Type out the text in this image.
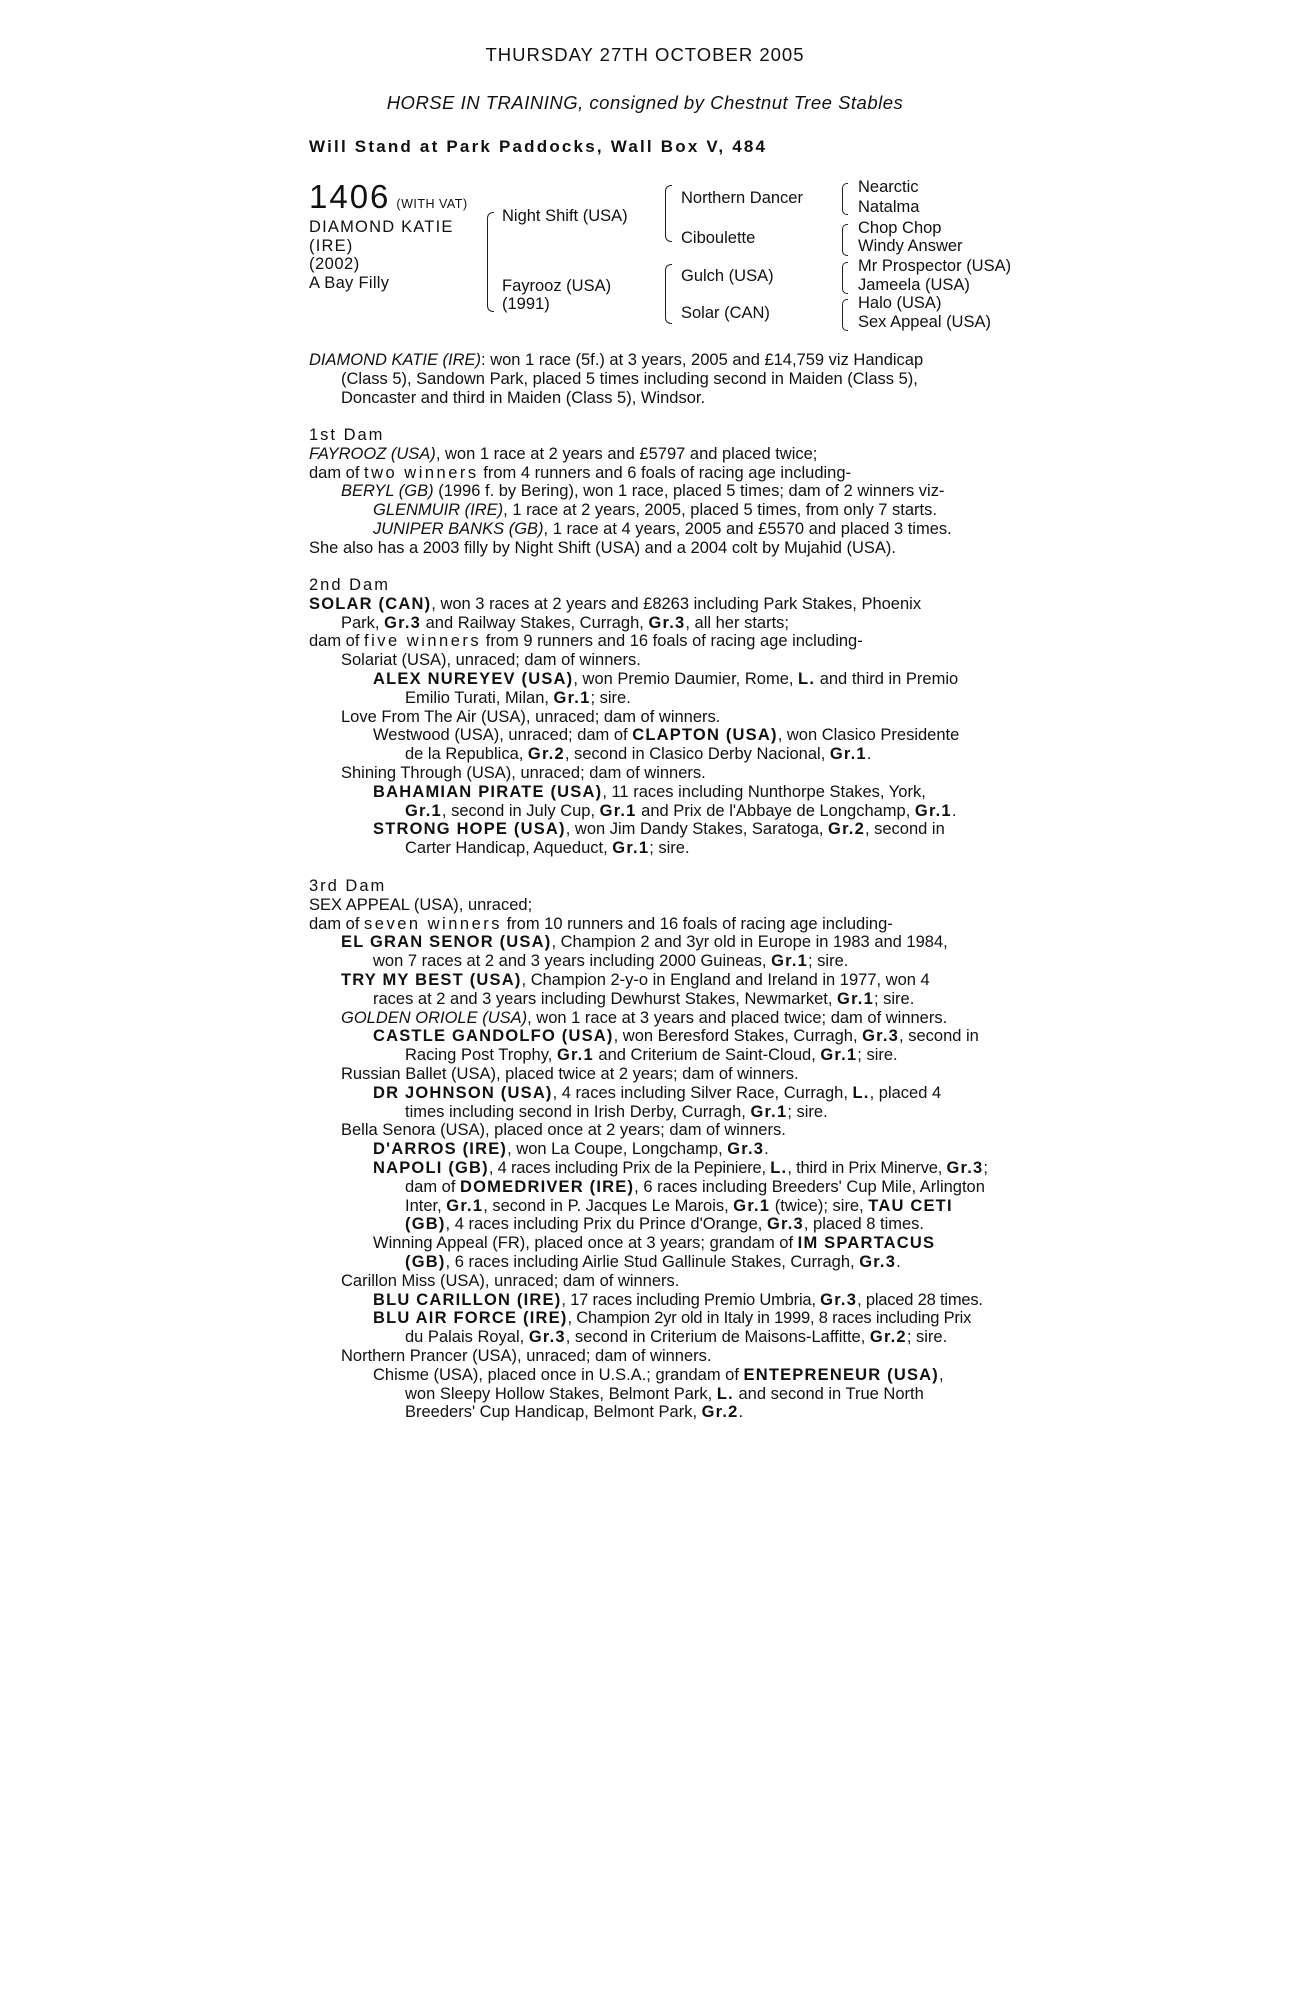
THURSDAY 27TH OCTOBER 2005
HORSE IN TRAINING, consigned by Chestnut Tree Stables
Will Stand at Park Paddocks, Wall Box V, 484
1406 (WITH VAT)
DIAMOND KATIE
(IRE)
(2002)
A Bay Filly
Night Shift (USA)
Fayrooz (USA)
(1991)
Northern Dancer
Ciboulette
Gulch (USA)
Solar (CAN)
Nearctic
Natalma
Chop Chop
Windy Answer
Mr Prospector (USA)
Jameela (USA)
Halo (USA)
Sex Appeal (USA)
DIAMOND KATIE (IRE): won 1 race (5f.) at 3 years, 2005 and £14,759 viz Handicap
(Class 5), Sandown Park, placed 5 times including second in Maiden (Class 5),
Doncaster and third in Maiden (Class 5), Windsor.
1st Dam
FAYROOZ (USA), won 1 race at 2 years and £5797 and placed twice;
dam of two winners from 4 runners and 6 foals of racing age including-
BERYL (GB) (1996 f. by Bering), won 1 race, placed 5 times; dam of 2 winners viz-
GLENMUIR (IRE), 1 race at 2 years, 2005, placed 5 times, from only 7 starts.
JUNIPER BANKS (GB), 1 race at 4 years, 2005 and £5570 and placed 3 times.
She also has a 2003 filly by Night Shift (USA) and a 2004 colt by Mujahid (USA).
2nd Dam
SOLAR (CAN), won 3 races at 2 years and £8263 including Park Stakes, Phoenix
Park, Gr.3 and Railway Stakes, Curragh, Gr.3, all her starts;
dam of five winners from 9 runners and 16 foals of racing age including-
Solariat (USA), unraced; dam of winners.
ALEX NUREYEV (USA), won Premio Daumier, Rome, L. and third in Premio
Emilio Turati, Milan, Gr.1; sire.
Love From The Air (USA), unraced; dam of winners.
Westwood (USA), unraced; dam of CLAPTON (USA), won Clasico Presidente
de la Republica, Gr.2, second in Clasico Derby Nacional, Gr.1.
Shining Through (USA), unraced; dam of winners.
BAHAMIAN PIRATE (USA), 11 races including Nunthorpe Stakes, York,
Gr.1, second in July Cup, Gr.1 and Prix de l'Abbaye de Longchamp, Gr.1.
STRONG HOPE (USA), won Jim Dandy Stakes, Saratoga, Gr.2, second in
Carter Handicap, Aqueduct, Gr.1; sire.
3rd Dam
SEX APPEAL (USA), unraced;
dam of seven winners from 10 runners and 16 foals of racing age including-
EL GRAN SENOR (USA), Champion 2 and 3yr old in Europe in 1983 and 1984,
won 7 races at 2 and 3 years including 2000 Guineas, Gr.1; sire.
TRY MY BEST (USA), Champion 2-y-o in England and Ireland in 1977, won 4
races at 2 and 3 years including Dewhurst Stakes, Newmarket, Gr.1; sire.
GOLDEN ORIOLE (USA), won 1 race at 3 years and placed twice; dam of winners.
CASTLE GANDOLFO (USA), won Beresford Stakes, Curragh, Gr.3, second in
Racing Post Trophy, Gr.1 and Criterium de Saint-Cloud, Gr.1; sire.
Russian Ballet (USA), placed twice at 2 years; dam of winners.
DR JOHNSON (USA), 4 races including Silver Race, Curragh, L., placed 4
times including second in Irish Derby, Curragh, Gr.1; sire.
Bella Senora (USA), placed once at 2 years; dam of winners.
D'ARROS (IRE), won La Coupe, Longchamp, Gr.3.
NAPOLI (GB), 4 races including Prix de la Pepiniere, L., third in Prix Minerve, Gr.3;
dam of DOMEDRIVER (IRE), 6 races including Breeders' Cup Mile, Arlington
Inter, Gr.1, second in P. Jacques Le Marois, Gr.1 (twice); sire, TAU CETI
(GB), 4 races including Prix du Prince d'Orange, Gr.3, placed 8 times.
Winning Appeal (FR), placed once at 3 years; grandam of IM SPARTACUS
(GB), 6 races including Airlie Stud Gallinule Stakes, Curragh, Gr.3.
Carillon Miss (USA), unraced; dam of winners.
BLU CARILLON (IRE), 17 races including Premio Umbria, Gr.3, placed 28 times.
BLU AIR FORCE (IRE), Champion 2yr old in Italy in 1999, 8 races including Prix
du Palais Royal, Gr.3, second in Criterium de Maisons-Laffitte, Gr.2; sire.
Northern Prancer (USA), unraced; dam of winners.
Chisme (USA), placed once in U.S.A.; grandam of ENTEPRENEUR (USA),
won Sleepy Hollow Stakes, Belmont Park, L. and second in True North
Breeders' Cup Handicap, Belmont Park, Gr.2.
